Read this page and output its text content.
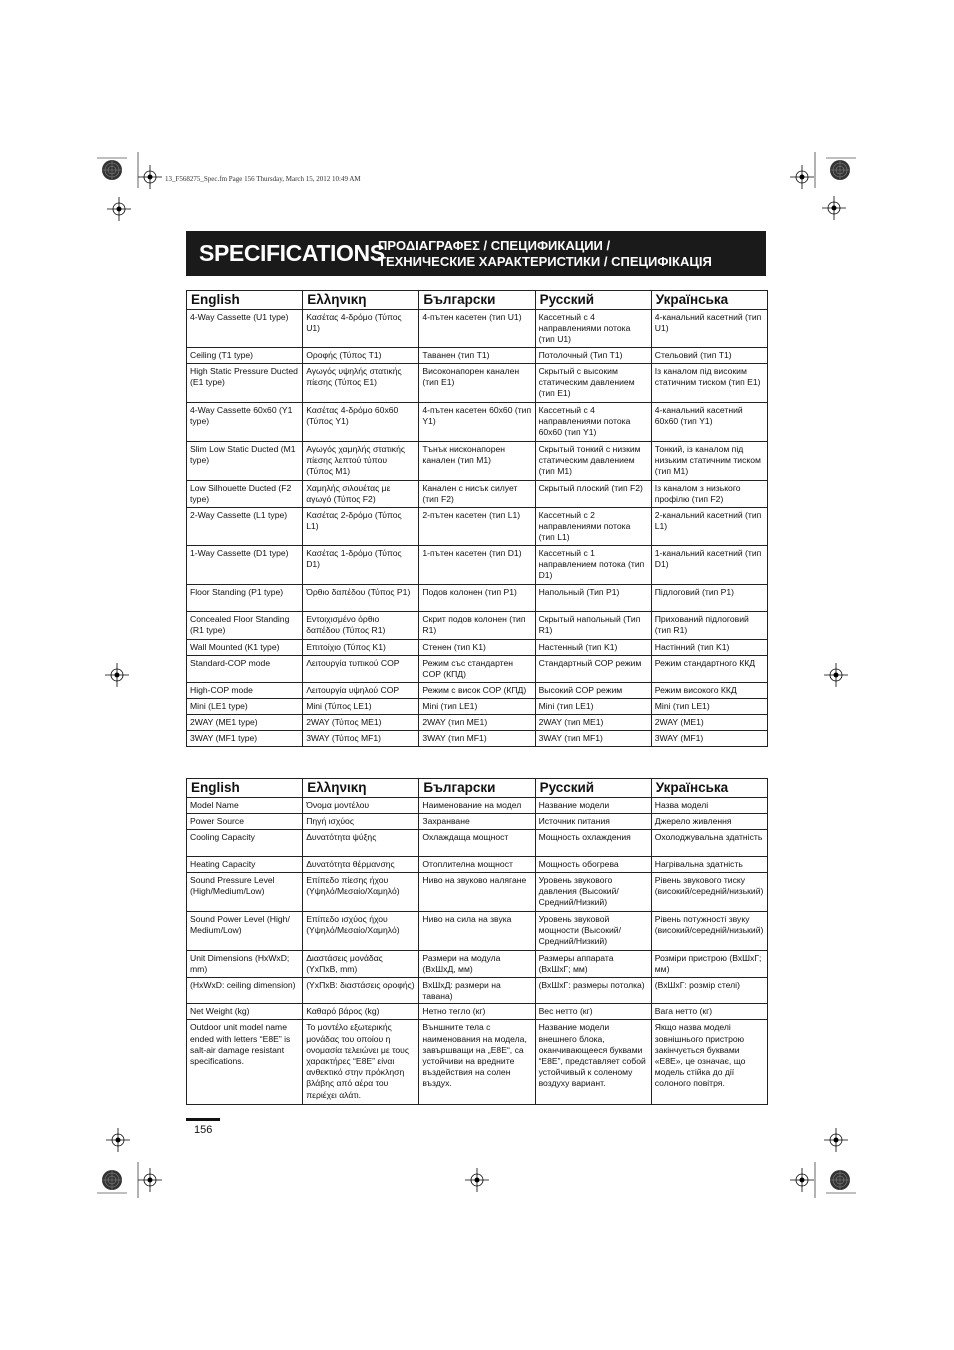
13_F568275_Spec.fm Page 156 Thursday, March 15, 2012 10:49 AM
SPECIFICATIONS
ΠΡΟΔΙΑΓΡΑΦΕΣ / СПЕЦИФИКАЦИИ /
ТЕХНИЧЕСКИЕ ХАРАКТЕРИСТИКИ / СПЕЦИФІКАЦІЯ
English	Ελληνικη	Български	Русский	Українська
4-Way Cassette (U1 type)	Κασέτας 4-δρόμο (Τύπος U1)	4-пътен касетен (тип U1)	Кассетный с 4 направлениями потока (тип U1)	4-канальний касетний (тип U1)
Ceiling (T1 type)	Οροφής (Τύπος T1)	Таванен (тип T1)	Потолочный (Тип T1)	Стельовий (тип T1)
High Static Pressure Ducted (E1 type)	Αγωγός υψηλής στατικής πίεσης (Τύπος E1)	Високонапорен канален (тип E1)	Скрытый с высоким статическим давлением (тип E1)	Із каналом під високим статичним тиском (тип E1)
4-Way Cassette 60x60 (Y1 type)	Κασέτας 4-δρόμο 60x60 (Τύπος Y1)	4-пътен касетен 60x60 (тип Y1)	Кассетный с 4 направлениями потока 60x60 (тип Y1)	4-канальний касетний 60x60 (тип Y1)
Slim Low Static Ducted (M1 type)	Αγωγός χαμηλής στατικής πίεσης λεπτού τύπου (Τύπος M1)	Тънък нисконапорен канален (тип M1)	Скрытый тонкий с низким статическим давлением (тип M1)	Тонкий, із каналом під низьким статичним тиском (тип M1)
Low Silhouette Ducted (F2 type)	Χαμηλής σιλουέτας με αγωγό (Τύπος F2)	Канален с нисък силует (тип F2)	Скрытый плоский (тип F2)	Із каналом з низького профілю (тип F2)
2-Way Cassette (L1 type)	Κασέτας 2-δρόμο (Τύπος L1)	2-пътен касетен (тип L1)	Кассетный с 2 направлениями потока (тип L1)	2-канальний касетний (тип L1)
1-Way Cassette (D1 type)	Κασέτας 1-δρόμο (Τύπος D1)	1-пътен касетен (тип D1)	Кассетный с 1 направлением потока (тип D1)	1-канальний касетний (тип D1)
Floor Standing (P1 type)	Όρθιο δαπέδου (Τύπος P1)	Подов колонен (тип P1)	Напольный (Тип P1)	Підлоговий (тип P1)
Concealed Floor Standing (R1 type)	Εντοιχισμένο όρθιο δαπέδου (Τύπος R1)	Скрит подов колонен (тип R1)	Скрытый напольный (Тип R1)	Прихований підлоговий (тип R1)
Wall Mounted (K1 type)	Επιτοίχιο (Τύπος K1)	Стенен (тип K1)	Настенный (тип K1)	Настінний (тип K1)
Standard-COP mode	Λειτουργία τυπικού COP	Режим със стандартен COP (КПД)	Стандартный COP режим	Режим стандартного ККД
High-COP mode	Λειτουργία υψηλού COP	Режим с висок COP (КПД)	Высокий COP режим	Режим високого ККД
Mini (LE1 type)	Mini (Τύπος LE1)	Mini (тип LE1)	Mini (тип LE1)	Mini (тип LE1)
2WAY (ME1 type)	2WAY (Τύπος ME1)	2WAY (тип ME1)	2WAY (тип ME1)	2WAY (ME1)
3WAY (MF1 type)	3WAY (Τύπος MF1)	3WAY (тип MF1)	3WAY (тип MF1)	3WAY (MF1)
English	Ελληνικη	Български	Русский	Українська
Model Name	Όνομα μοντέλου	Наименование на модел	Название модели	Назва моделі
Power Source	Πηγή ισχύος	Захранване	Источник питания	Джерело живлення
Cooling Capacity	Δυνατότητα ψύξης	Охлаждаща мощност	Мощность охлаждения	Охолоджувальна здатність
Heating Capacity	Δυνατότητα θέρμανσης	Отоплителна мощност	Мощность обогрева	Нагрівальна здатність
Sound Pressure Level (High/Medium/Low)	Επίπεδο πίεσης ήχου (Υψηλό/Μεσαίο/Χαμηλό)	Ниво на звуково налягане	Уровень звукового давления (Высокий/Средний/Низкий)	Рівень звукового тиску (високий/середній/низький)
Sound Power Level (High/ Medium/Low)	Επίπεδο ισχύος ήχου (Υψηλό/Μεσαίο/Χαμηλό)	Ниво на сила на звука	Уровень звуковой мощности (Высокий/Средний/Низкий)	Рівень потужності звуку (високий/середній/низький)
Unit Dimensions (HxWxD; mm)	Διαστάσεις μονάδας (ΥxΠxΒ, mm)	Размери на модула (ВxШxД, мм)	Размеры аппарата (ВхШхГ; мм)	Розміри пристрою (ВхШхГ; мм)
(HxWxD: ceiling dimension)	(ΥxΠxΒ: διαστάσεις οροφής)	ВxШxД: размери на тавана)	(ВхШхГ: размеры потолка)	(ВхШхГ: розмір стелі)
Net Weight (kg)	Καθαρό βάρος (kg)	Нетно тегло (кг)	Вес нетто (кг)	Вага нетто (кг)
Outdoor unit model name ended with letters “E8E” is salt-air damage resistant specifications.	Το μοντέλο εξωτερικής μονάδας του οποίου η ονομασία τελειώνει με τους χαρακτήρες “E8E” είναι ανθεκτικό στην πρόκληση βλάβης από αέρα του περιέχει αλάτι.	Външните тела с наименования на модела, завършващи на „E8E“, са устойчиви на вредните въздействия на солен въздух.	Название модели внешнего блока, оканчивающееся буквами “E8E”, представляет собой устойчивый к соленому воздуху вариант.	Якщо назва моделі зовнішнього пристрою закінчується буквами «E8E», це означає, що модель стійка до дії солоного повітря.
156
